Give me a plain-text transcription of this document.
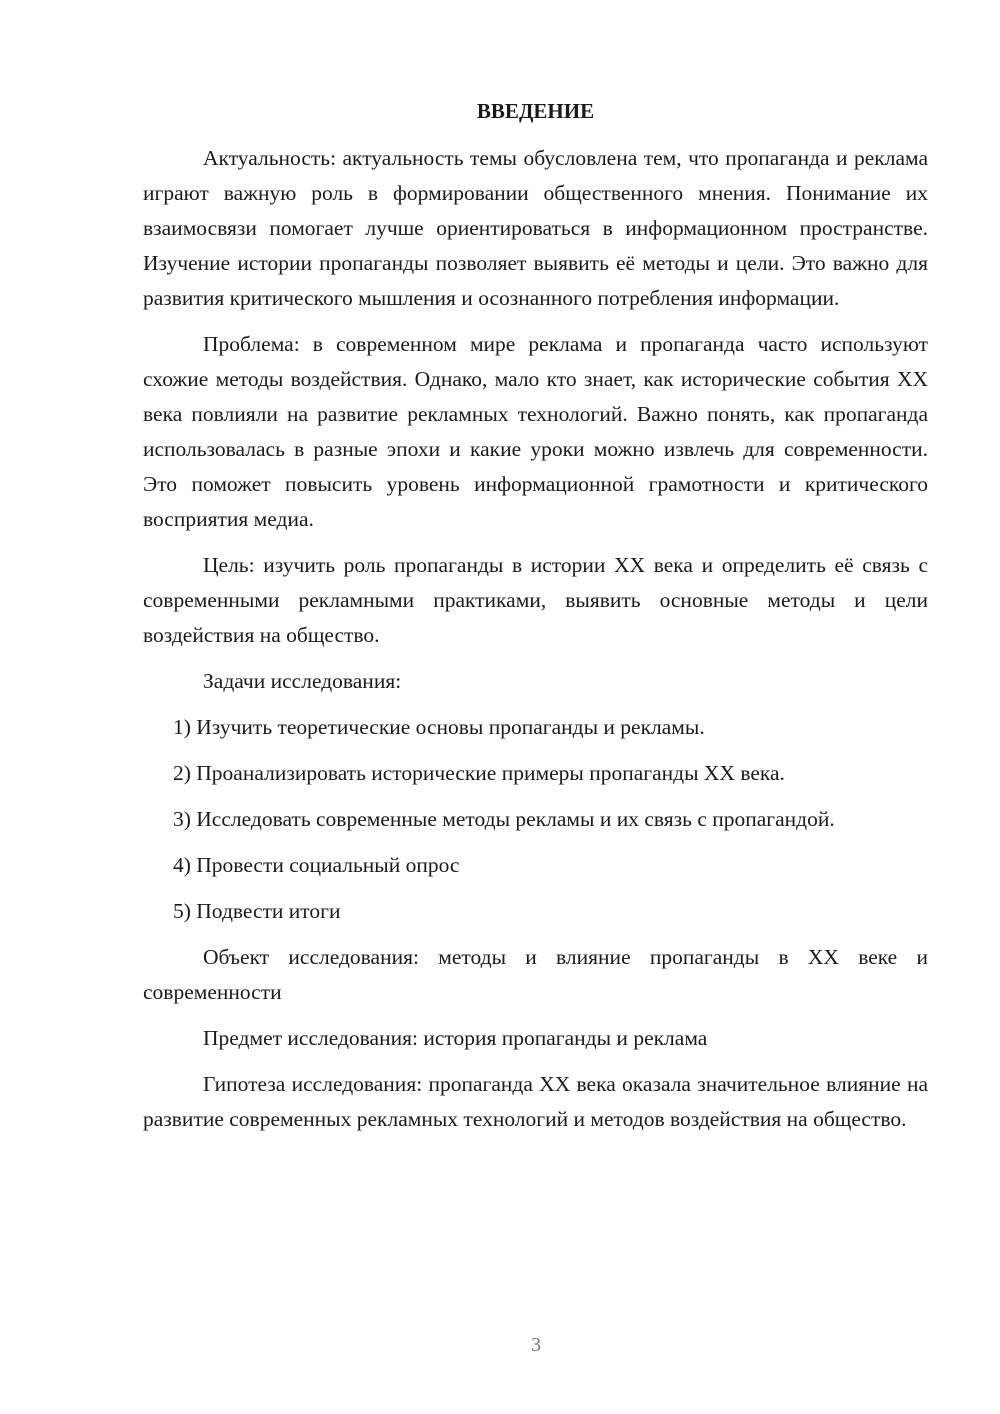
ВВЕДЕНИЕ

Актуальность: актуальность темы обусловлена тем, что пропаганда и реклама играют важную роль в формировании общественного мнения. Понимание их взаимосвязи помогает лучше ориентироваться в информационном пространстве. Изучение истории пропаганды позволяет выявить её методы и цели. Это важно для развития критического мышления и осознанного потребления информации.

Проблема: в современном мире реклама и пропаганда часто используют схожие методы воздействия. Однако, мало кто знает, как исторические события XX века повлияли на развитие рекламных технологий. Важно понять, как пропаганда использовалась в разные эпохи и какие уроки можно извлечь для современности. Это поможет повысить уровень информационной грамотности и критического восприятия медиа.

Цель: изучить роль пропаганды в истории XX века и определить её связь с современными рекламными практиками, выявить основные методы и цели воздействия на общество.

Задачи исследования:

1) Изучить теоретические основы пропаганды и рекламы.

2) Проанализировать исторические примеры пропаганды XX века.

3) Исследовать современные методы рекламы и их связь с пропагандой.

4) Провести социальный опрос

5) Подвести итоги

Объект исследования: методы и влияние пропаганды в XX веке и современности

Предмет исследования: история пропаганды и реклама

Гипотеза исследования: пропаганда XX века оказала значительное влияние на развитие современных рекламных технологий и методов воздействия на общество.

3
